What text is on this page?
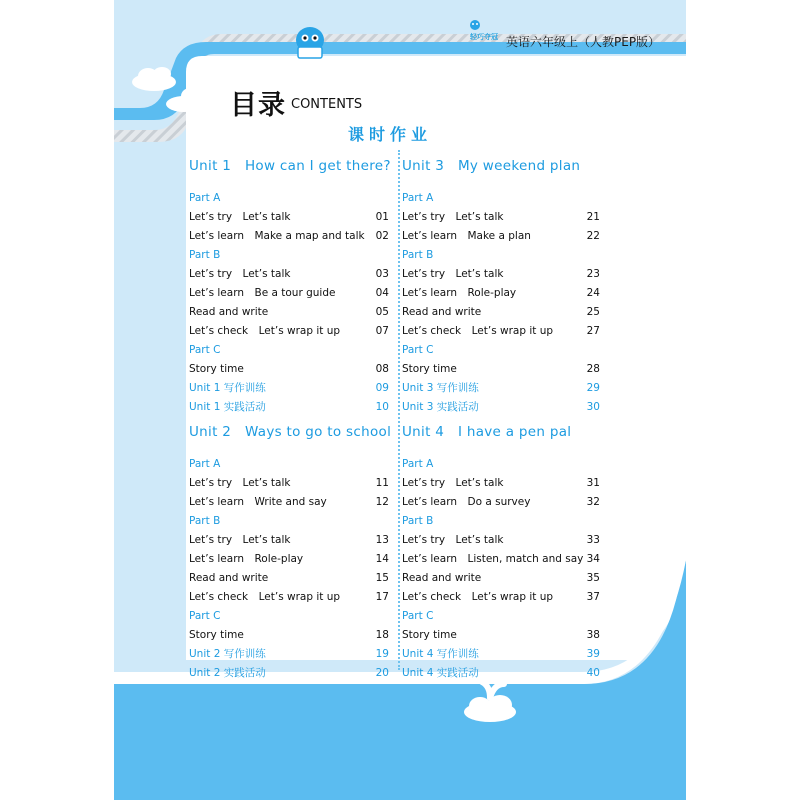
轻巧夺冠 英语六年级上（人教PEP版）
目录 CONTENTS
课时作业
Unit 1　How can I get there?
Part A
Let’s try　Let’s talk	01
Let’s learn　Make a map and talk	02
Part B
Let’s try　Let’s talk	03
Let’s learn　Be a tour guide	04
Read and write	05
Let’s check　Let’s wrap it up	07
Part C
Story time	08
Unit 1 写作训练	09
Unit 1 实践活动	10
Unit 2　Ways to go to school
Part A
Let’s try　Let’s talk	11
Let’s learn　Write and say	12
Part B
Let’s try　Let’s talk	13
Let’s learn　Role-play	14
Read and write	15
Let’s check　Let’s wrap it up	17
Part C
Story time	18
Unit 2 写作训练	19
Unit 2 实践活动	20
Unit 3　My weekend plan
Part A
Let’s try　Let’s talk	21
Let’s learn　Make a plan	22
Part B
Let’s try　Let’s talk	23
Let’s learn　Role-play	24
Read and write	25
Let’s check　Let’s wrap it up	27
Part C
Story time	28
Unit 3 写作训练	29
Unit 3 实践活动	30
Unit 4　I have a pen pal
Part A
Let’s try　Let’s talk	31
Let’s learn　Do a survey	32
Part B
Let’s try　Let’s talk	33
Let’s learn　Listen, match and say 34
Read and write	35
Let’s check　Let’s wrap it up	37
Part C
Story time	38
Unit 4 写作训练	39
Unit 4 实践活动	40
